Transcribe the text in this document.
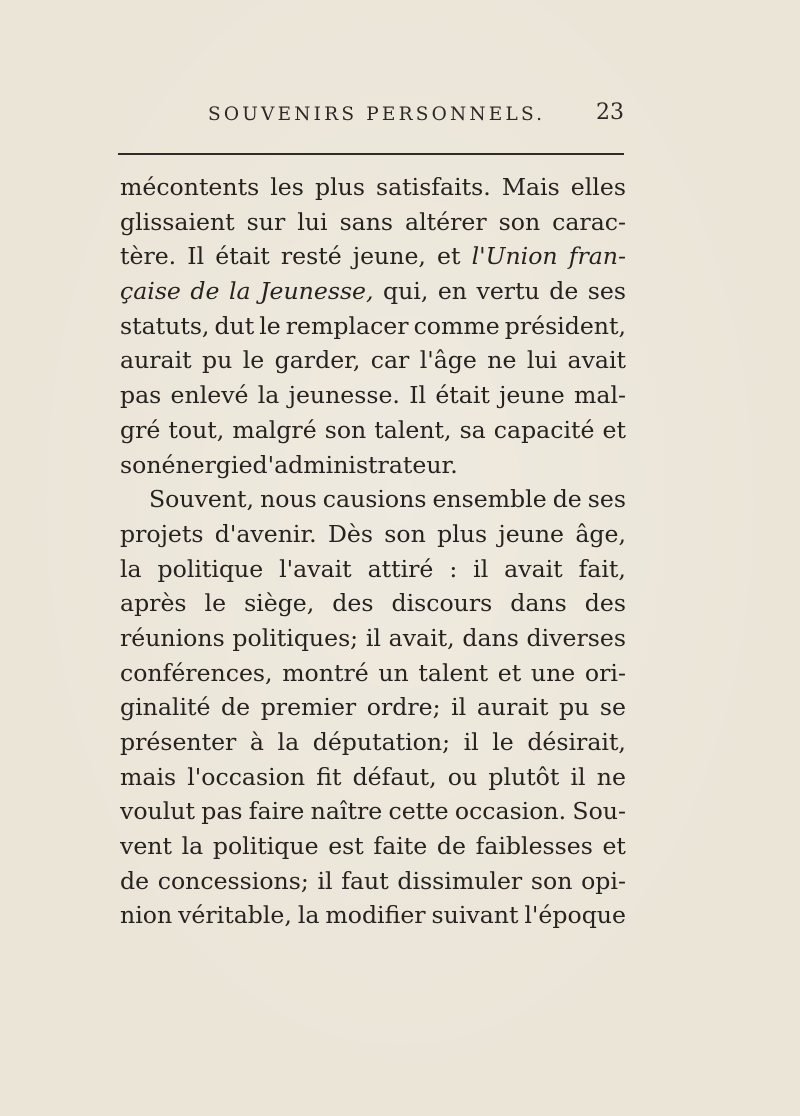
SOUVENIRS PERSONNELS. 23
mécontents les plus satisfaits. Mais elles
glissaient sur lui sans altérer son carac-
tère. Il était resté jeune, et l'Union fran-
çaise de la Jeunesse, qui, en vertu de ses
statuts, dut le remplacer comme président,
aurait pu le garder, car l'âge ne lui avait
pas enlevé la jeunesse. Il était jeune mal-
gré tout, malgré son talent, sa capacité et
son énergie d'administrateur.
Souvent, nous causions ensemble de ses
projets d'avenir. Dès son plus jeune âge,
la politique l'avait attiré : il avait fait,
après le siège, des discours dans des
réunions politiques; il avait, dans diverses
conférences, montré un talent et une ori-
ginalité de premier ordre; il aurait pu se
présenter à la députation; il le désirait,
mais l'occasion fit défaut, ou plutôt il ne
voulut pas faire naître cette occasion. Sou-
vent la politique est faite de faiblesses et
de concessions; il faut dissimuler son opi-
nion véritable, la modifier suivant l'époque
